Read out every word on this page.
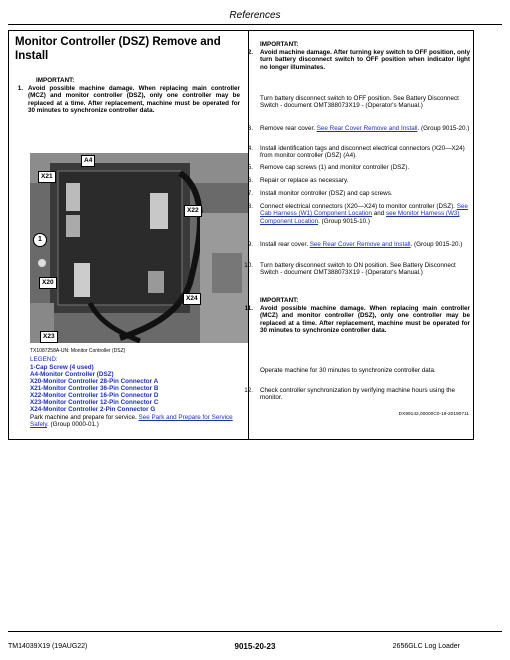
References
Monitor Controller (DSZ) Remove and Install
IMPORTANT:
1. Avoid possible machine damage. When replacing main controller (MCZ) and monitor controller (DSZ), only one controller may be replaced at a time. After replacement, machine must be operated for 30 minutes to synchronize controller data.
A4
X21
X22
1
X20
X24
X23
TX1087258A-UN: Monitor Controller (DSZ)
LEGEND:
1-Cap Screw (4 used)
A4-Monitor Controller (DSZ)
X20-Monitor Controller 28-Pin Connector A
X21-Monitor Controller 36-Pin Connector B
X22-Monitor Controller 16-Pin Connector D
X23-Monitor Controller 12-Pin Connector C
X24-Monitor Controller 2-Pin Connector G
Park machine and prepare for service. See Park and Prepare for Service Safely. (Group 0000-01.)
IMPORTANT:
2. Avoid machine damage. After turning key switch to OFF position, only turn battery disconnect switch to OFF position when indicator light no longer illuminates.
Turn battery disconnect switch to OFF position. See Battery Disconnect Switch - document OMT388073X19 - (Operator's Manual.)
3. Remove rear cover. See Rear Cover Remove and Install. (Group 9015-20.)
4. Install identification tags and disconnect electrical connectors (X20—X24) from monitor controller (DSZ) (A4).
5. Remove cap screws (1) and monitor controller (DSZ).
6. Repair or replace as necessary.
7. Install monitor controller (DSZ) and cap screws.
8. Connect electrical connectors (X20—X24) to monitor controller (DSZ). See Cab Harness (W1) Component Location and see Monitor Harness (W3) Component Location. (Group 9015-10.)
9. Install rear cover. See Rear Cover Remove and Install. (Group 9015-20.)
10. Turn battery disconnect switch to ON position. See Battery Disconnect Switch - document OMT388073X19 - (Operator's Manual.)
IMPORTANT:
11. Avoid possible machine damage. When replacing main controller (MCZ) and monitor controller (DSZ), only one controller may be replaced at a time. After replacement, machine must be operated for 30 minutes to synchronize controller data.
Operate machine for 30 minutes to synchronize controller data.
12. Check controller synchronization by verifying machine hours using the monitor.
DX99142,00000C0-19-20190711
TM14039X19 (19AUG22)	9015-20-23	2656GLC Log Loader
